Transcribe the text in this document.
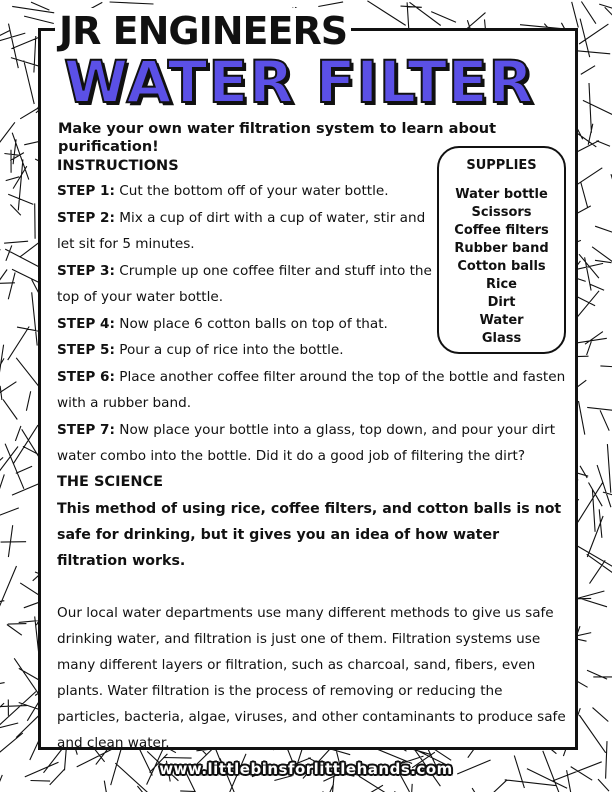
JR ENGINEERS
WATER FILTER

Make your own water filtration system to learn about purification!

INSTRUCTIONS

STEP 1: Cut the bottom off of your water bottle.

STEP 2: Mix a cup of dirt with a cup of water, stir and let sit for 5 minutes.

STEP 3: Crumple up one coffee filter and stuff into the top of your water bottle.

STEP 4: Now place 6 cotton balls on top of that.

STEP 5: Pour a cup of rice into the bottle.

STEP 6: Place another coffee filter around the top of the bottle and fasten with a rubber band.

STEP 7: Now place your bottle into a glass, top down, and pour your dirt water combo into the bottle. Did it do a good job of filtering the dirt?

SUPPLIES
Water bottle
Scissors
Coffee filters
Rubber band
Cotton balls
Rice
Dirt
Water
Glass
THE SCIENCE

This method of using rice, coffee filters, and cotton balls is not safe for drinking, but it gives you an idea of how water filtration works.

Our local water departments use many different methods to give us safe drinking water, and filtration is just one of them. Filtration systems use many different layers or filtration, such as charcoal, sand, fibers, even plants. Water filtration is the process of removing or reducing the particles, bacteria, algae, viruses, and other contaminants to produce safe and clean water.

www.littlebinsforlittlehands.com
